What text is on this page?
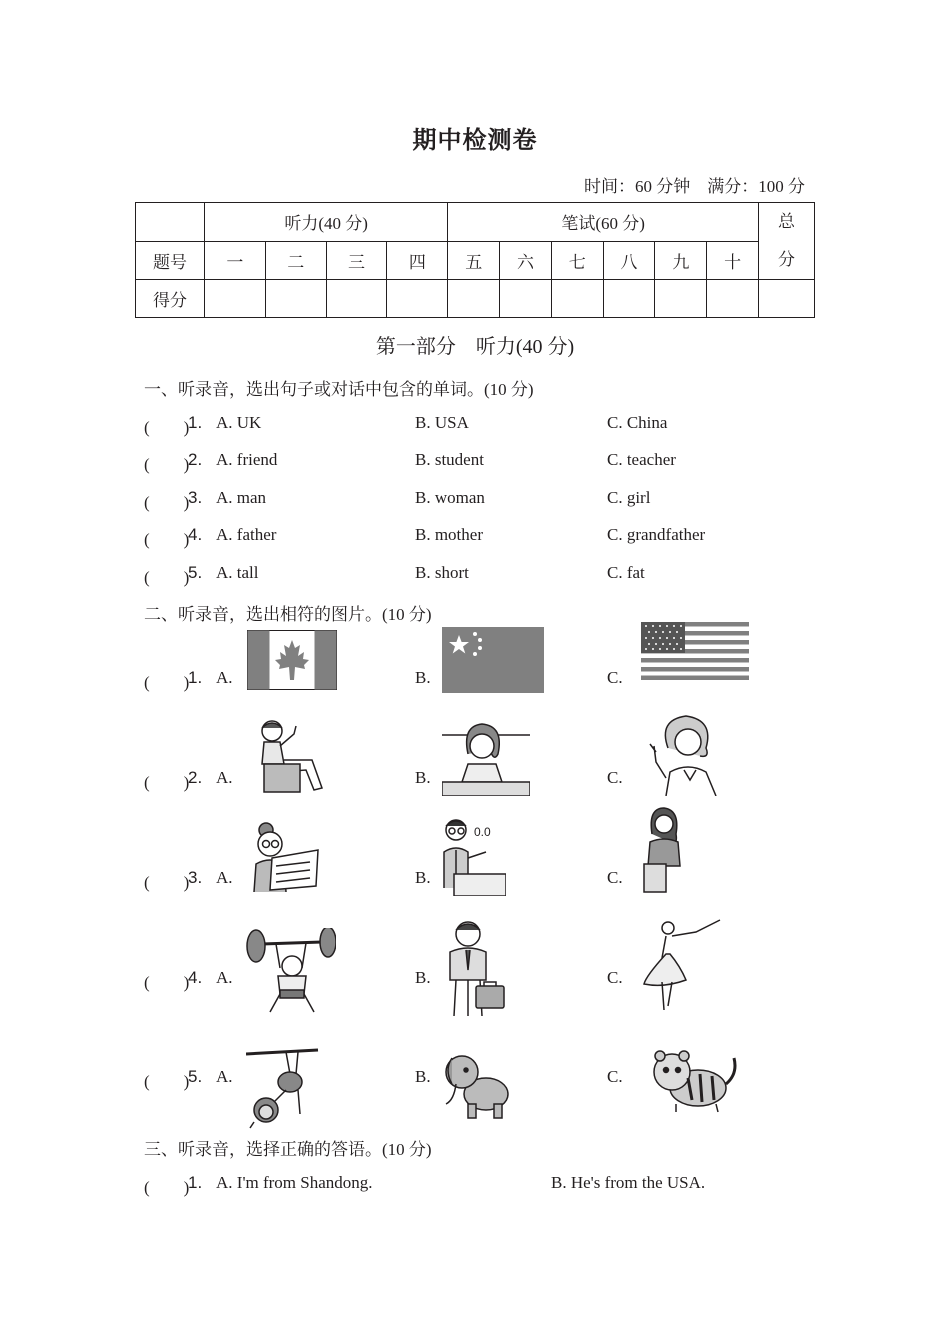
期中检测卷
时间：60 分钟　满分：100 分
	听力(40 分)				笔试(60 分)						总
分
题号	一	二	三	四	五	六	七	八	九	十	
得分											
第一部分　听力(40 分)
一、听录音，选出句子或对话中包含的单词。(10 分)
(　　)
1. A. UK	B. USA	C. China
(　　)
2. A. friend	B. student	C. teacher
(　　)
3. A. man	B. woman	C. girl
(　　)
4. A. father	B. mother	C. grandfather
(　　)
5. A. tall	B. short	C. fat
二、听录音，选出相符的图片。(10 分)
(　　)
1. A.	B.	C.
(　　)
2. A.	B.	C.
(　　)
3. A.	B.	C.
0.0
(　　)
4. A.	B.	C.
(　　)
5. A.	B.	C.
三、听录音，选择正确的答语。(10 分)
(　　)
1. A. I'm from Shandong.	B. He's from the USA.
